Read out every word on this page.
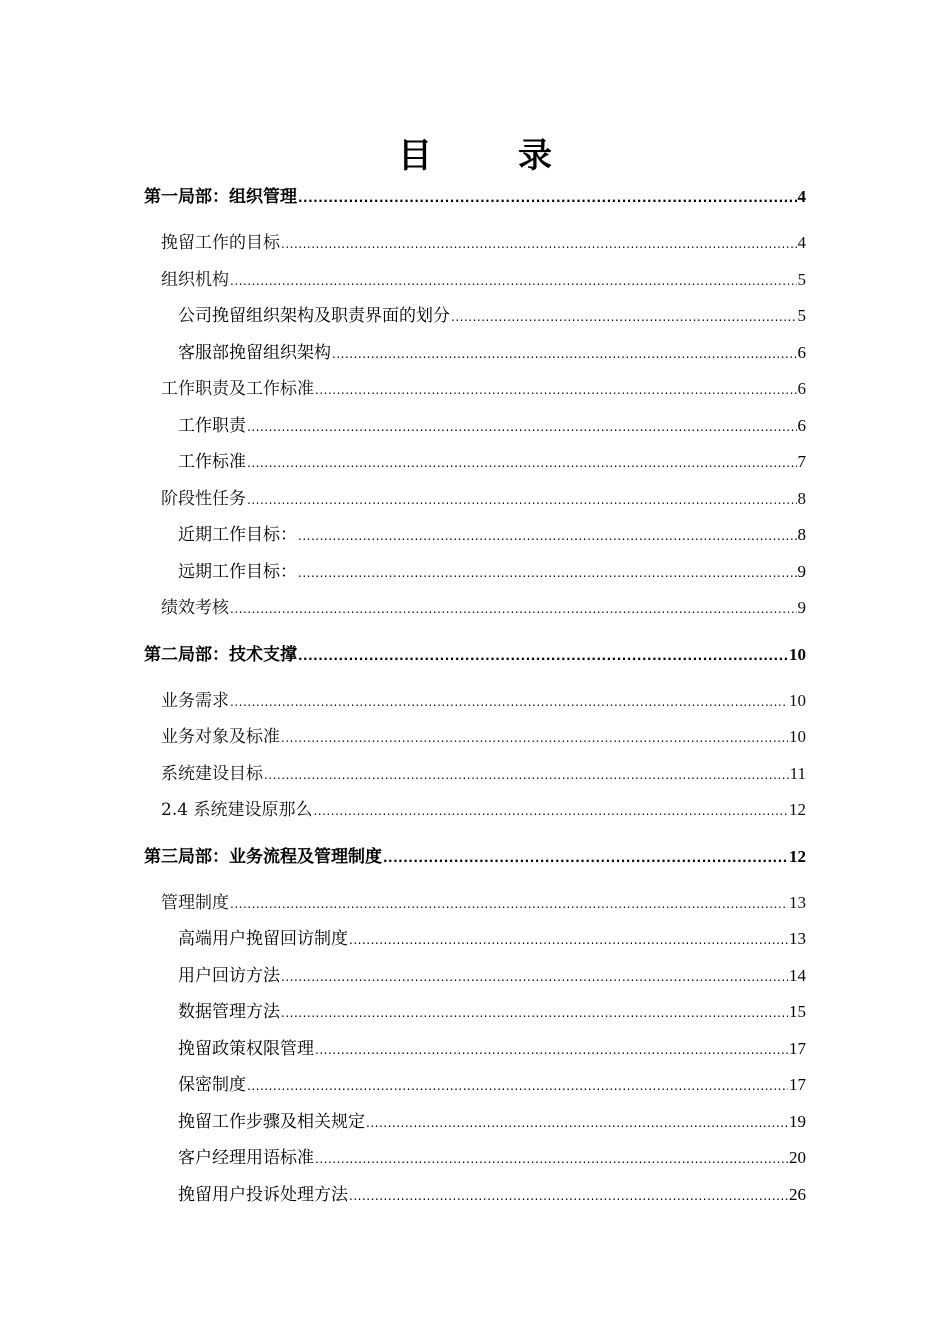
目　录
第一局部：组织管理 .....	4
挽留工作的目标 .....	4
组织机构 .....	5
公司挽留组织架构及职责界面的划分 .....	5
客服部挽留组织架构 .....	6
工作职责及工作标准 .....	6
工作职责 .....	6
工作标准 .....	7
阶段性任务 .....	8
近期工作目标： .....	8
远期工作目标： .....	9
绩效考核 .....	9
第二局部：技术支撑 .....	10
业务需求 .....	10
业务对象及标准 .....	10
系统建设目标 .....	11
2.4 系统建设原那么 .....	12
第三局部：业务流程及管理制度 .....	12
管理制度 .....	13
高端用户挽留回访制度 .....	13
用户回访方法 .....	14
数据管理方法 .....	15
挽留政策权限管理 .....	17
保密制度 .....	17
挽留工作步骤及相关规定 .....	19
客户经理用语标准 .....	20
挽留用户投诉处理方法 .....	26
